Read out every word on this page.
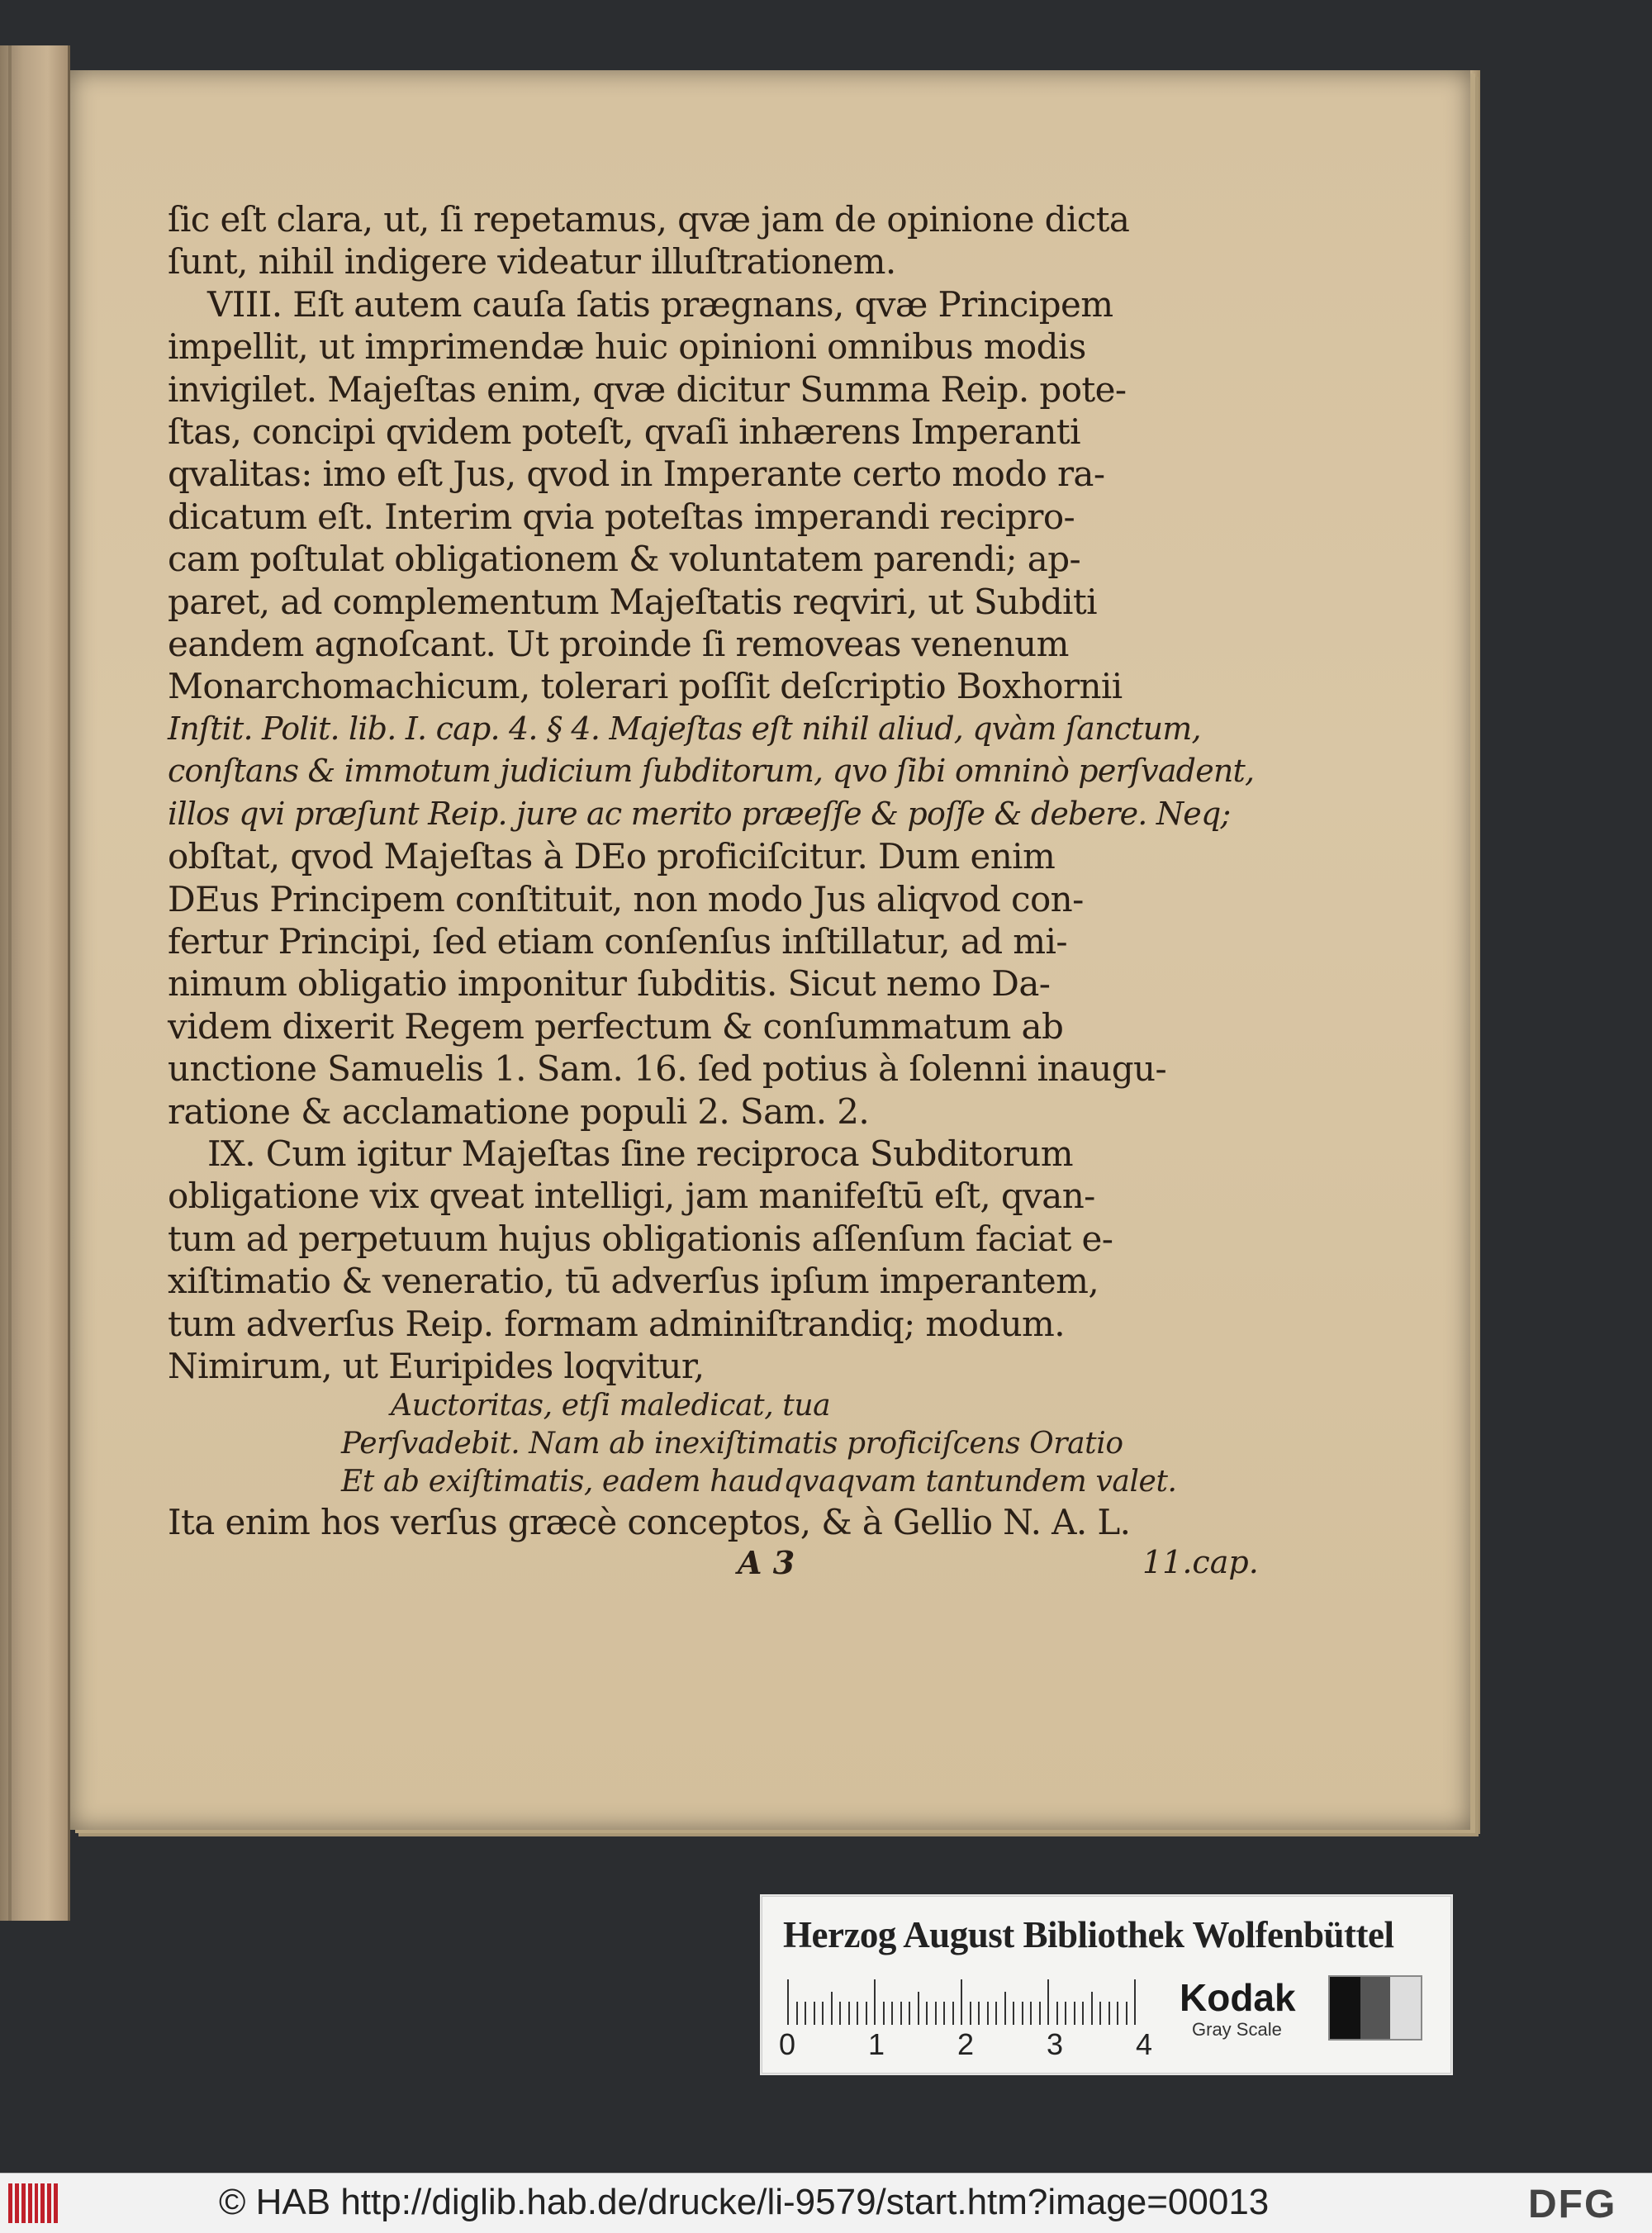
ſic eſt clara, ut, ſi repetamus, qvæ jam de opinione dicta
ſunt, nihil indigere videatur illuſtrationem.
VIII. Eſt autem cauſa ſatis prægnans, qvæ Principem
impellit, ut imprimendæ huic opinioni omnibus modis
invigilet. Majeſtas enim, qvæ dicitur Summa Reip. pote-
ſtas, concipi qvidem poteſt, qvaſi inhærens Imperanti
qvalitas: imo eſt Jus, qvod in Imperante certo modo ra-
dicatum eſt. Interim qvia poteſtas imperandi recipro-
cam poſtulat obligationem & voluntatem parendi; ap-
paret, ad complementum Majeſtatis reqviri, ut Subditi
eandem agnoſcant. Ut proinde ſi removeas venenum
Monarchomachicum, tolerari poſſit deſcriptio Boxhornii
Inſtit. Polit. lib. I. cap. 4. § 4. Majeſtas eſt nihil aliud, qvàm ſanctum,
conſtans & immotum judicium ſubditorum, qvo ſibi omninò perſvadent,
illos qvi præſunt Reip. jure ac merito præeſſe & poſſe & debere. Neq;
obſtat, qvod Majeſtas à DEo proficiſcitur. Dum enim
DEus Principem conſtituit, non modo Jus aliqvod con-
fertur Principi, ſed etiam conſenſus inſtillatur, ad mi-
nimum obligatio imponitur ſubditis. Sicut nemo Da-
videm dixerit Regem perfectum & conſummatum ab
unctione Samuelis 1. Sam. 16. ſed potius à ſolenni inaugu-
ratione & acclamatione populi 2. Sam. 2.
IX. Cum igitur Majeſtas ſine reciproca Subditorum
obligatione vix qveat intelligi, jam manifeſtū eſt, qvan-
tum ad perpetuum hujus obligationis aſſenſum faciat e-
xiſtimatio & veneratio, tū adverſus ipſum imperantem,
tum adverſus Reip. formam adminiſtrandiq; modum.
Nimirum, ut Euripides loqvitur,
Auctoritas, etſi maledicat, tua
Perſvadebit. Nam ab inexiſtimatis proficiſcens Oratio
Et ab exiſtimatis, eadem haudqvaqvam tantundem valet.
Ita enim hos verſus græcè conceptos, & à Gellio N. A. L.
A 3	11.cap.
Herzog August Bibliothek Wolfenbüttel
0 1 2 3 4
Kodak
Gray Scale
© HAB http://diglib.hab.de/drucke/li-9579/start.htm?image=00013	DFG
